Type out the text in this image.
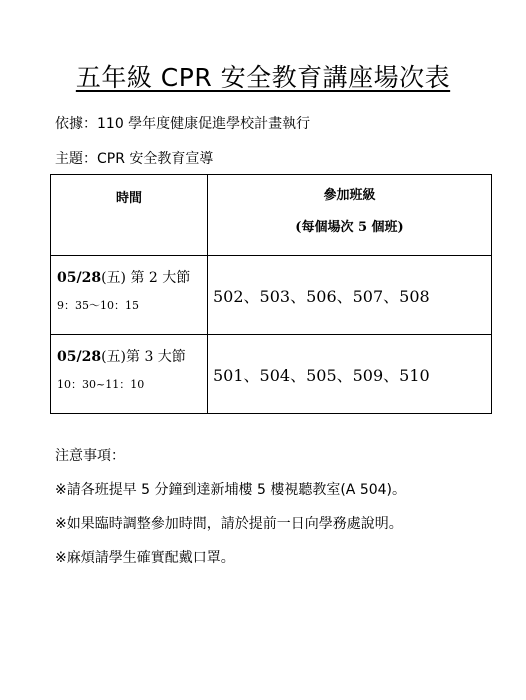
五年級 CPR 安全教育講座場次表
依據：110 學年度健康促進學校計畫執行
主題：CPR 安全教育宣導
時間	參加班級
(每個場次 5 個班)

05/28(五) 第 2 大節
9：35～10：15	502、503、506、507、508

05/28(五)第 3 大節
10：30~11：10	501、504、505、509、510
注意事項：
※請各班提早 5 分鐘到達新埔樓 5 樓視聽教室(A 504)。
※如果臨時調整參加時間，請於提前一日向學務處說明。
※麻煩請學生確實配戴口罩。
